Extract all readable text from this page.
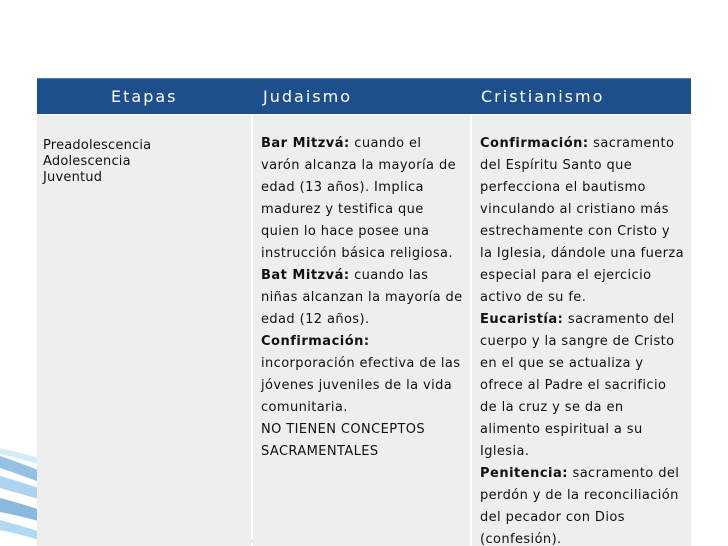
Etapas	Judaismo	Cristianismo
Preadolescencia
Adolescencia
Juventud
Bar Mitzvá: cuando el
varón alcanza la mayoría de
edad (13 años). Implica
madurez y testifica que
quien lo hace posee una
instrucción básica religiosa.
Bat Mitzvá: cuando las
niñas alcanzan la mayoría de
edad (12 años).
Confirmación:
incorporación efectiva de las
jóvenes juveniles de la vida
comunitaria.
NO TIENEN CONCEPTOS
SACRAMENTALES
Confirmación: sacramento
del Espíritu Santo que
perfecciona el bautismo
vinculando al cristiano más
estrechamente con Cristo y
la Iglesia, dándole una fuerza
especial para el ejercicio
activo de su fe.
Eucaristía: sacramento del
cuerpo y la sangre de Cristo
en el que se actualiza y
ofrece al Padre el sacrificio
de la cruz y se da en
alimento espiritual a su
Iglesia.
Penitencia: sacramento del
perdón y de la reconciliación
del pecador con Dios
(confesión).
